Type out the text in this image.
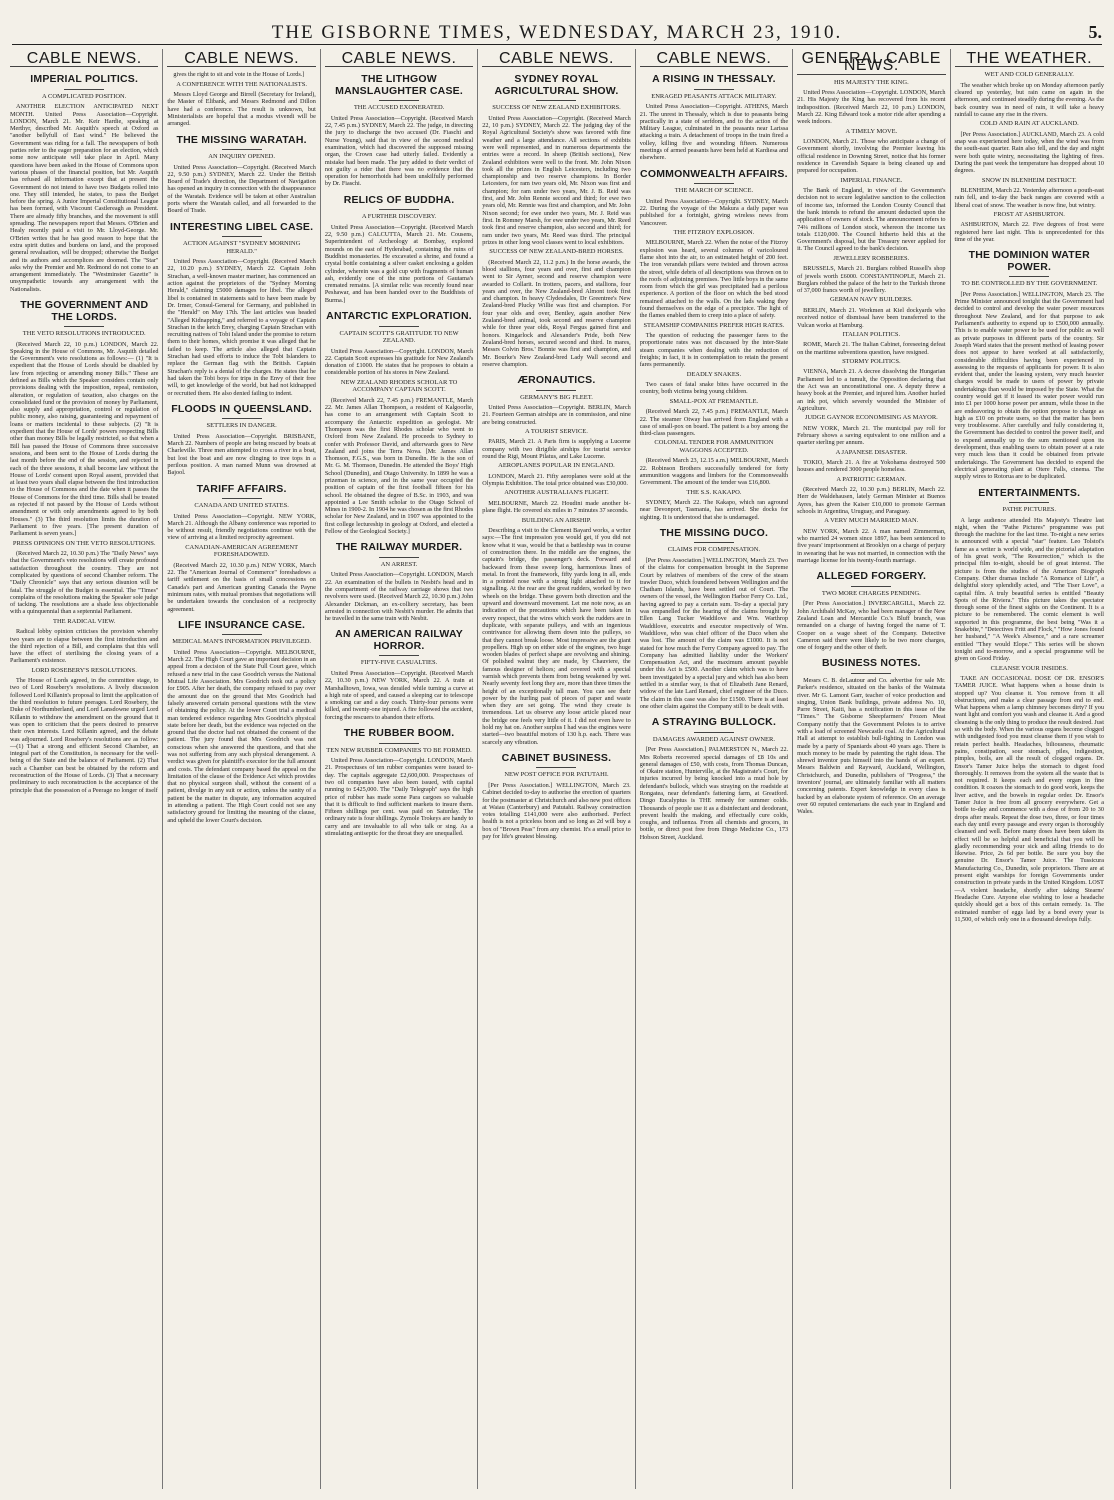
THE GISBORNE TIMES, WEDNESDAY, MARCH 23, 1910.	5.
CABLE NEWS.
IMPERIAL POLITICS.
A COMPLICATED POSITION.

ANOTHER ELECTION ANTICIPATED NEXT MONTH. United Press Association—Copyright. LONDON, March 21. Mr. Keir Hardie, speaking at Merthyr, described Mr. Asquith's speech at Oxford as "another bellyfull of East wind." He believed the Government was riding for a fall. The newspapers of both parties refer to the eager preparation for an election, which some now anticipate will take place in April. Many questions have been asked in the House of Commons upon various phases of the financial position, but Mr. Asquith has refused all information except that at present the Government do not intend to have two Budgets rolled into one. They still intended, he states, to pass the Budget before the spring. A Junior Imperial Constitutional League has been formed, with Viscount Castlereagh as President. There are already fifty branches, and the movement is still spreading. The newspapers report that Messrs. O'Brien and Healy recently paid a visit to Mr. Lloyd-George. Mr. O'Brien writes that he has good reason to hope that the extra spirit duties and burdens on land, and the proposed general revaluation, will be dropped; otherwise the Budget and its authors and accomplices are doomed. The "Star" asks why the Premier and Mr. Redmond do not come to an arrangement immediately. The "Westminster Gazette" is unsympathetic towards any arrangement with the Nationalists.

THE GOVERNMENT AND THE LORDS.
THE VETO RESOLUTIONS INTRODUCED.

(Received March 22, 10 p.m.) LONDON, March 22. Speaking in the House of Commons, Mr. Asquith detailed the Government's veto resolutions as follows:— (1) "It is expedient that the House of Lords should be disabled by law from rejecting or amending money Bills." These are defined as Bills which the Speaker considers contain only provisions dealing with the imposition, repeal, remission, alteration, or regulation of taxation, also charges on the consolidated fund or the provision of money by Parliament, also supply and appropriation, control or regulation of public money, also raising, guaranteeing and repayment of loans or matters incidental to these subjects. (2) "It is expedient that the House of Lords' powers respecting Bills other than money Bills be legally restricted, so that when a Bill has passed the House of Commons three successive sessions, and been sent to the House of Lords during the last month before the end of the session, and rejected in each of the three sessions, it shall become law without the House of Lords' consent upon Royal assent, provided that at least two years shall elapse between the first introduction to the House of Commons and the date when it passes the House of Commons for the third time. Bills shall be treated as rejected if not passed by the House of Lords without amendment or with only amendments agreed to by both Houses." (3) The third resolution limits the duration of Parliament to five years. [The present duration of Parliament is seven years.]

PRESS OPINIONS ON THE VETO RESOLUTIONS.

(Received March 22, 10.30 p.m.) The "Daily News" says that the Government's veto resolutions will create profound satisfaction throughout the country. They are not complicated by questions of second Chamber reform. The "Daily Chronicle" says that any serious disunion will be fatal. The struggle of the Budget is essential. The "Times" complains of the resolutions making the Speaker sole judge of tacking. The resolutions are a shade less objectionable with a quinquennial than a septennial Parliament.

THE RADICAL VIEW.

Radical lobby opinion criticises the provision whereby two years are to elapse between the first introduction and the third rejection of a Bill, and complains that this will have the effect of sterilising the closing years of a Parliament's existence.

LORD ROSEBERY'S RESOLUTIONS.

The House of Lords agreed, in the committee stage, to two of Lord Rosebery's resolutions. A lively discussion followed Lord Killanin's proposal to limit the application of the third resolution to future peerages. Lord Rosebery, the Duke of Northumberland, and Lord Lansdowne urged Lord Killanin to withdraw the amendment on the ground that it was open to criticism that the peers desired to preserve their own interests. Lord Killanin agreed, and the debate was adjourned. Lord Rosebery's resolutions are as follow:—(1) That a strong and efficient Second Chamber, an integral part of the Constitution, is necessary for the well-being of the State and the balance of Parliament. (2) That such a Chamber can best be obtained by the reform and reconstruction of the House of Lords. (3) That a necessary preliminary to such reconstruction is the acceptance of the principle that the possession of a Peerage no longer of itself

CABLE NEWS.

gives the right to sit and vote in the House of Lords.]

A CONFERENCE WITH THE NATIONALISTS.

Messrs Lloyd George and Birrell (Secretary for Ireland), the Master of Elibank, and Messrs Redmond and Dillon have had a conference. The result is unknown, but Ministerialists are hopeful that a modus vivendi will be arranged.

THE MISSING WARATAH.
AN INQUIRY OPENED.

United Press Association—Copyright. (Received March 22, 9.50 p.m.) SYDNEY, March 22. Under the British Board of Trade's direction, the Department of Navigation has opened an inquiry in connection with the disappearance of the Waratah. Evidence will be taken at other Australian ports where the Waratah called, and all forwarded to the Board of Trade.

INTERESTING LIBEL CASE.
ACTION AGAINST "SYDNEY MORNING HERALD."

United Press Association—Copyright. (Received March 22, 10.20 p.m.) SYDNEY, March 22. Captain John Strachan, a well-known master mariner, has commenced an action against the proprietors of the "Sydney Morning Herald," claiming £5000 damages for libel. The alleged libel is contained in statements said to have been made by Dr. Irmer, Consul-General for Germany, and published in the "Herald" on May 17th. The last articles was headed "Alleged Kidnapping," and referred to a voyage of Captain Strachan in the ketch Envy, charging Captain Strachan with recruiting natives of Tobi Island under the promise to return them to their homes, which promise it was alleged that he failed to keep. The article also alleged that Captain Strachan had used efforts to induce the Tobi Islanders to replace the German flag with the British. Captain Strachan's reply is a denial of the charges. He states that he had taken the Tobi boys for trips in the Envy of their free will, to get knowledge of the world, but had not kidnapped or recruited them. He also denied failing to indent.

FLOODS IN QUEENSLAND.
SETTLERS IN DANGER.

United Press Association—Copyright. BRISBANE, March 22. Numbers of people are being rescued by boats at Charleville. Three men attempted to cross a river in a boat, but lost the boat and are now clinging to tree tops in a perilous position. A man named Munn was drowned at Bajool.

TARIFF AFFAIRS.
CANADA AND UNITED STATES.

United Press Association—Copyright. NEW YORK, March 21. Although the Albany conference was reported to be without result, friendly negotiations continue with the view of arriving at a limited reciprocity agreement.

CANADIAN-AMERICAN AGREEMENT FORESHADOWED.

(Received March 22, 10.30 p.m.) NEW YORK, March 22. The "American Journal of Commerce" foreshadows a tariff settlement on the basis of small concessions on Canada's part and American granting Canada the Payne minimum rates, with mutual promises that negotiations will be undertaken towards the conclusion of a reciprocity agreement.

LIFE INSURANCE CASE.
MEDICAL MAN'S INFORMATION PRIVILEGED.

United Press Association—Copyright. MELBOURNE, March 22. The High Court gave an important decision in an appeal from a decision of the State Full Court gave, which refused a new trial in the case Goodrich versus the National Mutual Life Association. Mrs Goodrich took out a policy for £905. After her death, the company refused to pay over the amount due on the ground that Mrs Goodrich had falsely answered certain personal questions with the view of obtaining the policy. At the lower Court trial a medical man tendered evidence regarding Mrs Goodrich's physical state before her death, but the evidence was rejected on the ground that the doctor had not obtained the consent of the patient. The jury found that Mrs Goodrich was not conscious when she answered the questions, and that she was not suffering from any such physical derangement. A verdict was given for plaintiff's executor for the full amount and costs. The defendant company based the appeal on the limitation of the clause of the Evidence Act which provides that no physical surgeon shall, without the consent of a patient, divulge in any suit or action, unless the sanity of a patient be the matter in dispute, any information acquired in attending a patient. The High Court could not see any satisfactory ground for limiting the meaning of the clause, and upheld the lower Court's decision.

CABLE NEWS.
THE LITHGOW MANSLAUGHTER CASE.
THE ACCUSED EXONERATED.

United Press Association—Copyright. (Received March 22, 7.45 p.m.) SYDNEY, March 22. The judge, in directing the jury to discharge the two accused (Dr. Fiaschi and Nurse Young), said that in view of the second medical examination, which had discovered the supposed missing organ, the Crown case had utterly failed. Evidently a mistake had been made. The jury added to their verdict of not guilty a rider that there was no evidence that the operation for hemorrhoids had been unskilfully performed by Dr. Fiaschi.

RELICS OF BUDDHA.
A FURTHER DISCOVERY.

United Press Association—Copyright. (Received March 22, 9.50 p.m.) CALCUTTA, March 21. Mr. Cousens, Superintendent of Archeology at Bombay, explored mounds on the east of Hyderabad, containing the ruins of Buddhist monasteries. He excavated a shrine, and found a crystal bottle containing a silver casket enclosing a golden cylinder, wherein was a gold cup with fragments of human ash, evidently one of the nine portions of Gautama's cremated remains. [A similar relic was recently found near Peshawar, and has been handed over to the Buddhists of Burma.]

ANTARCTIC EXPLORATION.
CAPTAIN SCOTT'S GRATITUDE TO NEW ZEALAND.

United Press Association—Copyright. LONDON, March 22. Captain Scott expresses his gratitude for New Zealand's donation of £1000. He states that he proposes to obtain a considerable portion of his stores in New Zealand.

NEW ZEALAND RHODES SCHOLAR TO ACCOMPANY CAPTAIN SCOTT.

(Received March 22, 7.45 p.m.) FREMANTLE, March 22. Mr. James Allan Thompson, a resident of Kalgoorlie, has come to an arrangement with Captain Scott to accompany the Antarctic expedition as geologist. Mr Thompson was the first Rhodes scholar who went to Oxford from New Zealand. He proceeds to Sydney to confer with Professor David, and afterwards goes to New Zealand and joins the Terra Nova. [Mr. James Allan Thomson, F.G.S., was born in Dunedin. He is the son of Mr. G. M. Thomson, Dunedin. He attended the Boys' High School (Dunedin), and Otago University. In 1899 he was a prizeman in science, and in the same year occupied the position of captain of the first football fifteen for his school. He obtained the degree of B.Sc. in 1903, and was appointed a Lee Smith scholar to the Otago School of Mines in 1900-2. In 1904 he was chosen as the first Rhodes scholar for New Zealand, and in 1907 was appointed to the first college lectureship in geology at Oxford, and elected a Fellow of the Geological Society.]

THE RAILWAY MURDER.
AN ARREST.

United Press Association—Copyright. LONDON, March 22. An examination of the bullets in Nesbit's head and in the compartment of the railway carriage shows that two revolvers were used. (Received March 22, 10.30 p.m.) John Alexander Dickman, an ex-colliery secretary, has been arrested in connection with Nesbit's murder. He admits that he travelled in the same train with Nesbit.

AN AMERICAN RAILWAY HORROR.
FIFTY-FIVE CASUALTIES.

United Press Association—Copyright. (Received March 22, 10.30 p.m.) NEW YORK, March 22. A train at Marshalltown, Iowa, was derailed while turning a curve at a high rate of speed, and caused a sleeping car to telescope a smoking car and a day coach. Thirty-four persons were killed, and twenty-one injured. A fire followed the accident, forcing the rescuers to abandon their efforts.

THE RUBBER BOOM.
TEN NEW RUBBER COMPANIES TO BE FORMED.

United Press Association—Copyright. LONDON, March 21. Prospectuses of ten rubber companies were issued to-day. The capitals aggregate £2,600,000. Prospectuses of two oil companies have also been issued, with capital running to £425,000. The "Daily Telegraph" says the high price of rubber has made some Para cargoes so valuable that it is difficult to find sufficient markets to insure them. Fifteen shillings per cent. was paid on Saturday. The ordinary rate is four shillings. Zymole Trokeys are handy to carry and are invaluable to all who talk or sing. As a stimulating antiseptic for the throat they are unequalled.

CABLE NEWS.
SYDNEY ROYAL AGRICULTURAL SHOW.
SUCCESS OF NEW ZEALAND EXHIBITORS.

United Press Association—Copyright. (Received March 22, 10 p.m.) SYDNEY, March 22. The judging day of the Royal Agricultural Society's show was favored with fine weather and a large attendance. All sections of exhibits were well represented, and in numerous departments the entries were a record. In sheep (British sections), New Zealand exhibitors were well to the front. Mr. John Nixon took all the prizes in English Leicesters, including two championship and two reserve champions. In Border Leicesters, for ram two years old, Mr. Nixon was first and champion; for ram under two years, Mr. J. B. Reid was first, and Mr. John Rennie second and third; for ewe two years old, Mr. Rennie was first and champion, and Mr. John Nixon second; for ewe under two years, Mr. J. Reid was first. In Romney Marsh, for ewe under two years, Mr. Reed took first and reserve champion, also second and third; for ram under two years, Mr. Reed was third. The principal prizes in other long wool classes went to local exhibitors.

SUCCESS OF NEW ZEALAND-BRED HORSES.

(Received March 22, 11.2 p.m.) In the horse awards, the blood stallions, four years and over, first and champion went to Sir Aymer, second and reserve champion were awarded to Collarit. In trotters, pacers, and stallions, four years and over, the New Zealand-bred Almont took first and champion. In heavy Clydesdales, Dr Greentree's New Zealand-bred Plucky Willie was first and champion. For four year olds and over, Bentley, again another New Zealand-bred animal, took second and reserve champion while for three year olds, Royal Fergus gained first and honors. Kingarlock and Alexander's Pride, both New Zealand-bred horses, secured second and third. In mares, Messrs Colvin Bros.' Bonnie was first and champion, and Mr. Bourke's New Zealand-bred Lady Wall second and reserve champion.

ÆRONAUTICS.
GERMANY'S BIG FLEET.

United Press Association—Copyright. BERLIN, March 21. Fourteen German airships are in commission, and nine are being constructed.

A TOURIST SERVICE.

PARIS, March 21. A Paris firm is supplying a Lucerne company with two dirigible airships for tourist service round the Rigi, Mount Pilatus, and Lake Lucerne.

AEROPLANES POPULAR IN ENGLAND.

LONDON, March 21. Fifty aeroplanes were sold at the Olympia Exhibition. The total price obtained was £30,000.

ANOTHER AUSTRALIAN'S FLIGHT.

MELBOURNE, March 22. Houdini made another bi-plane flight. He covered six miles in 7 minutes 37 seconds.

BUILDING AN AIRSHIP.

Describing a visit to the Clement Bayard works, a writer says:—The first impression you would get, if you did not know what it was, would be that a battleship was in course of construction there. In the middle are the engines, the captain's bridge, the passenger's deck. Forward and backward from these sweep long, harmonious lines of metal. In front the framework, fifty yards long in all, ends in a pointed nose with a strong light attached to it for signalling. At the rear are the great rudders, worked by two wheels on the bridge. These govern both direction and the upward and downward movement. Let me note now, as an indication of the precautions which have been taken in every respect, that the wires which work the rudders are in duplicate, with separate pulleys, and with an ingenious contrivance for allowing them down into the pulleys, so that they cannot break loose. Most impressive are the giant propellers. High up on either side of the engines, two huge wooden blades of perfect shape are revolving and shining. Of polished walnut they are made, by Chauviere, the famous designer of helices; and covered with a special varnish which prevents them from being weakened by wet. Nearly seventy feet long they are, more than three times the height of an exceptionally tall man. You can see their power by the hurling past of pieces of paper and waste when they are set going. The wind they create is tremendous. Let us observe any loose article placed near the bridge one feels very little of it. I did not even have to hold my hat on. Another surplus I had was the engines were started—two beautiful motors of 130 h.p. each. There was scarcely any vibration.

CABINET BUSINESS.
NEW POST OFFICE FOR PATUTAHI.

[Per Press Association.] WELLINGTON, March 23. Cabinet decided to-day to authorise the erection of quarters for the postmaster at Christchurch and also new post offices at Waiau (Canterbury) and Patutahi. Railway construction votes totalling £141,000 were also authorised. Perfect health is not a priceless boon and so long as 2d will buy a box of "Brown Peas" from any chemist. It's a small price to pay for life's greatest blessing.

CABLE NEWS.
A RISING IN THESSALY.
ENRAGED PEASANTS ATTACK MILITARY.

United Press Association—Copyright. ATHENS, March 21. The unrest in Thessaly, which is due to peasants being practically in a state of serfdom, and to the action of the Military League, culminated in the peasants near Larissa attacking a train. A detachment of troops in the train fired a volley, killing five and wounding fifteen. Numerous meetings of armed peasants have been held at Kardiesa and elsewhere.

COMMONWEALTH AFFAIRS.
THE MARCH OF SCIENCE.

United Press Association—Copyright. SYDNEY, March 22. During the voyage of the Makura a daily paper was published for a fortnight, giving wireless news from Vancouver.

THE FITZROY EXPLOSION.

MELBOURNE, March 22. When the noise of the Fitzroy explosion was heard, several columns of varicoloured flame shot into the air, to an estimated height of 200 feet. The iron verandah pillars were twisted and thrown across the street, while debris of all descriptions was thrown on to the roofs of adjoining premises. Two little boys in the same room from which the girl was precipitated had a perilous experience. A portion of the floor on which the bed stood remained attached to the walls. On the lads waking they found themselves on the edge of a precipice. The light of the flames enabled them to creep into a place of safety.

STEAMSHIP COMPANIES PREFER HIGH RATES.

The question of reducing the passenger fares to the proportionate rates was not discussed by the inter-State steam companies when dealing with the reduction of freights; in fact, it is in contemplation to retain the present fares permanently.

DEADLY SNAKES.

Two cases of fatal snake bites have occurred in the country, both victims being young children.

SMALL-POX AT FREMANTLE.

(Received March 22, 7.45 p.m.) FREMANTLE, March 22. The steamer Otway has arrived from England with a case of small-pox on board. The patient is a boy among the third-class passengers.

COLONIAL TENDER FOR AMMUNITION WAGGONS ACCEPTED.

(Received March 23, 12.15 a.m.) MELBOURNE, March 22. Robinson Brothers successfully tendered for forty ammunition waggons and limbers for the Commonwealth Government. The amount of the tender was £16,800.

THE S.S. KAKAPO.

SYDNEY, March 22. The Kakapo, which ran aground near Devonport, Tasmania, has arrived. She docks for sighting. It is understood that she is undamaged.

THE MISSING DUCO.
CLAIMS FOR COMPENSATION.

[Per Press Association.] WELLINGTON, March 23. Two of the claims for compensation brought in the Supreme Court by relatives of members of the crew of the steam trawler Duco, which foundered between Wellington and the Chatham Islands, have been settled out of Court. The owners of the vessel, the Wellington Harbor Ferry Co. Ltd., having agreed to pay a certain sum. To-day a special jury was empanelled for the hearing of the claims brought by Ellen Lang Tucker Waddilove and Wm. Warthrop Waddilove, executrix and executor respectively of Wm. Waddilove, who was chief officer of the Duco when she was lost. The amount of the claim was £1000. It is not stated for how much the Ferry Company agreed to pay. The Company has admitted liability under the Workers' Compensation Act, and the maximum amount payable under this Act is £500. Another claim which was to have been investigated by a special jury and which has also been settled in a similar way, is that of Elizabeth Jane Renard, widow of the late Lard Renard, chief engineer of the Duco. The claim in this case was also for £1500. There is at least one other claim against the Company still to be dealt with.

A STRAYING BULLOCK.
DAMAGES AWARDED AGAINST OWNER.

[Per Press Association.] PALMERSTON N., March 22. Mrs Roberts recovered special damages of £8 10s and general damages of £50, with costs, from Thomas Duncan, of Okaire station, Hunterville, at the Magistrate's Court, for injuries incurred by being knocked into a mud hole by defendant's bullock, which was straying on the roadside at Rongatea, near defendant's fattening farm, at Greatford. Dingo Eucalyptus is THE remedy for summer colds. Thousands of people use it as a disinfectant and deodorant, prevent health the making, and effectually cure colds, coughs, and influenza. From all chemists and grocers, in bottle, or direct post free from Dingo Medicine Co., 173 Hobson Street, Auckland.

GENERAL CABLE NEWS.
HIS MAJESTY THE KING.

United Press Association—Copyright. LONDON, March 21. His Majesty the King has recovered from his recent indisposition. (Received March 22, 10 p.m.) LONDON, March 22. King Edward took a motor ride after spending a week indoors.

A TIMELY MOVE.

LONDON, March 21. Those who anticipate a change of Government shortly, involving the Premier leaving his official residence in Downing Street, notice that his former residence in Cavendish Square is being cleaned up and prepared for occupation.

IMPERIAL FINANCE.

The Bank of England, in view of the Government's decision not to secure legislative sanction to the collection of income tax, informed the London County Council that the bank intends to refund the amount deducted upon the application of owners of stock. The announcement refers to 74¼ millions of London stock, whereon the income tax totals £120,000. The Council hitherto held this at the Government's disposal, but the Treasury never applied for it. The Council agreed to the bank's decision.

JEWELLERY ROBBERIES.

BRUSSELS, March 21. Burglars robbed Russell's shop of jewels worth £6000. CONSTANTINOPLE, March 21. Burglars robbed the palace of the heir to the Turkish throne of 37,000 francs worth of jewellery.

GERMAN NAVY BUILDERS.

BERLIN, March 21. Workmen at Kiel dockyards who received notice of dismissal have been transferred to the Vulcan works at Hamburg.

ITALIAN POLITICS.

ROME, March 21. The Italian Cabinet, foreseeing defeat on the maritime subventions question, have resigned.

STORMY POLITICS.

VIENNA, March 21. A decree dissolving the Hungarian Parliament led to a tumult, the Opposition declaring that the Act was an unconstitutional one. A deputy threw a heavy book at the Premier, and injured him. Another hurled an ink pot, which severely wounded the Minister of Agriculture.

JUDGE GAYNOR ECONOMISING AS MAYOR.

NEW YORK, March 21. The municipal pay roll for February shows a saving equivalent to one million and a quarter sterling per annum.

A JAPANESE DISASTER.

TOKIO, March 21. A fire at Yokohama destroyed 500 houses and rendered 3000 people homeless.

A PATRIOTIC GERMAN.

(Received March 22, 10.30 p.m.) BERLIN, March 22. Herr de Waldehausen, lately German Minister at Buenos Ayres, has given the Kaiser £10,000 to promote German schools in Argentina, Uruguay, and Paraguay.

A VERY MUCH MARRIED MAN.

NEW YORK, March 22. A man named Zimmerman, who married 24 women since 1897, has been sentenced to five years' imprisonment at Brooklyn on a charge of perjury in swearing that he was not married, in connection with the marriage license for his twenty-fourth marriage.

ALLEGED FORGERY.
TWO MORE CHARGES PENDING.

[Per Press Association.] INVERCARGILL, March 22. John Archibald McKay, who had been manager of the New Zealand Loan and Mercantile Co.'s Bluff branch, was remanded on a charge of having forged the name of T. Cooper on a wage sheet of the Company. Detective Cameron said there were likely to be two more charges, one of forgery and the other of theft.

BUSINESS NOTES.

Messrs C. B. deLautour and Co. advertise for sale Mr. Parker's residence, situated on the banks of the Waimata river. Mr G. Lamont Garr, teacher of voice production and singing, Union Bank buildings, private address No. 10, Parre Street, Kaiti, has a notification in this issue of the "Times." The Gisborne Sheepfarmers' Frozen Meat Company notify that the Government Pelotes is to arrive with a load of screened Newcastle coal. At the Agricultural Hall at attempt to establish bull-fighting in London was made by a party of Spaniards about 40 years ago. There is much money to be made by patenting the right ideas. The shrewd inventor puts himself into the hands of an expert. Messrs Baldwin and Rayward, Auckland, Wellington, Christchurch, and Dunedin, publishers of "Progress," the inventors' journal, are ultimately familiar with all matters concerning patents. Expert knowledge in every class is backed by an elaborate system of reference. On an average over 60 reputed centenarians die each year in England and Wales.

THE WEATHER.
WET AND COLD GENERALLY.

The weather which broke up on Monday afternoon partly cleared up yesterday, but rain came on again in the afternoon, and continued steadily during the evening. As the back country was in need of rain, it will take a heavy rainfall to cause any rise in the rivers.

COLD AND RAIN AT AUCKLAND.

[Per Press Association.] AUCKLAND, March 23. A cold snap was experienced here today, when the wind was from the south-east quarter. Rain also fell, and the day and night were both quite wintry, necessitating the lighting of fires. During the past week the temperature has dropped about 10 degrees.

SNOW IN BLENHEIM DISTRICT.

BLENHEIM, March 22. Yesterday afternoon a pouth-east rain fell, and to-day the back ranges are covered with a liberal coat of snow. The weather is now fine, but wintry.

FROST AT ASHBURTON.

ASHBURTON, March 22. Five degrees of frost were registered here last night. This is unprecedented for this time of the year.

THE DOMINION WATER POWER.
TO BE CONTROLLED BY THE GOVERNMENT.

[Per Press Association.] WELLINGTON, March 23. The Prime Minister announced tonight that the Government had decided to control and develop the water power resources throughout New Zealand, and for that purpose to ask Parliament's authority to expend up to £500,000 annually. This is to enable water power to be used for public as well as private purposes in different parts of the country. Sir Joseph Ward states that the present method of leasing power does not appear to have worked at all satisfactorily, considerable difficulties having been experienced in assessing to the requests of applicants for power. It is also evident that, under the leasing system, very much heavier charges would be made to users of power by private undertakings than would be imposed by the State. What the country would get if it leased its water power would run into £1 per 1000 horse power per annum, while those in the are endeavoring to obtain the option propose to charge as high as £10 on private users, so that the matter has been very troublesome. After carefully and fully considering it, the Government has decided to control the power itself, and to expend annually up to the sum mentioned upon its development, thus enabling users to obtain power at a rate very much less than it could be obtained from private undertakings. The Government has decided to expend the electrical generating plant at Otere Falls, cinema. The supply wires to Rotorua are to be duplicated.

ENTERTAINMENTS.
PATHE PICTURES.

A large audience attended His Majesty's Theatre last night, when the "Pathe Pictures" programme was put through the machine for the last time. To-night a new series is announced with a special "star" feature. Leo Tolstoi's fame as a writer is world wide, and the pictorial adaptation of his great work, "The Resurrection," which is the principal film to-night, should be of great interest. The picture is from the studios of the American Biograph Company. Other dramas include "A Romance of Life", a delightful story splendidly acted, and "The Tiser Love", a capital film. A truly beautiful series is entitled "Beauty Spots of the Riviera." This picture takes the spectator through some of the finest sights on the Continent. It is a picture to be remembered. The comic element is well supported in this programme, the best being "Was it a Snakebite," "Detectives Fritt and Flock," "How Jones found her husband," "A Week's Absence," and a rare screamer entitled "They would Elope." This series will be shown tonight and to-morrow, and a special programme will be given on Good Friday.

CLEANSE YOUR INSIDES.

TAKE AN OCCASIONAL DOSE OF DR. ENSOR'S TAMER JUICE. What happens when a house drain is stopped up? You cleanse it. You remove from it all obstructions, and make a clear passage from end to end. What happens when a lamp chimney becomes dirty? If you want light and comfort you wash and cleanse it. And a good cleansing is the only thing to produce the result desired. Just so with the body. When the various organs become clogged with undigested food you must cleanse them if you wish to retain perfect health. Headaches, biliousness, rheumatic pains, constipation, sour stomach, piles, indigestion, pimples, boils, are all the result of clogged organs. Dr. Ensor's Tamer Juice helps the stomach to digest food thoroughly. It removes from the system all the waste that is not required. It keeps each and every organ in fine condition. It coaxes the stomach to do good work, keeps the liver active, and the bowels in regular order. Dr. Ensor's Tamer Juice is free from all grocery everywhere. Get a bottle to-day and commence with a dose of from 20 to 30 drops after meals. Repeat the dose two, three, or four times each day until every passage and every organ is thoroughly cleansed and well. Before many doses have been taken its effect will be so helpful and beneficial that you will be gladly recommending your sick and ailing friends to do likewise. Price, 2s 6d per bottle. Be sure you buy the genuine Dr. Ensor's Tamer Juice. The Tussicura Manufacturing Co., Dunedin, sole proprietors. There are at present eight warships for foreign Governments under construction in private yards in the United Kingdom. LOST—A violent headache, shortly after taking Stearns' Headache Cure. Anyone else wishing to lose a headache quickly should get a box of this certain remedy. 1s. The estimated number of eggs laid by a bond every year is 11,500, of which only one in a thousand develops fully.
